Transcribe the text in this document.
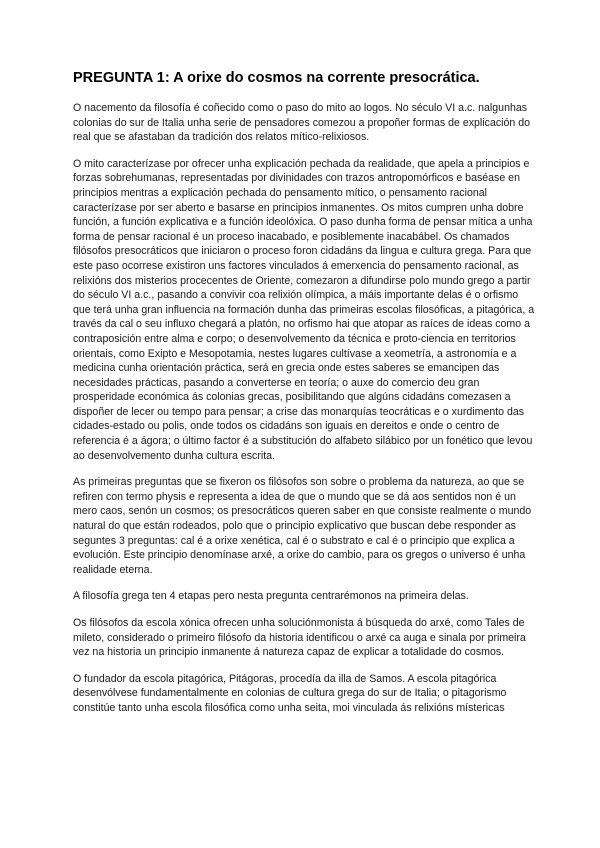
PREGUNTA 1: A orixe do cosmos na corrente presocrática.

O nacemento da filosofía é coñecido como o paso do mito ao logos. No século VI a.c. nalgunhas colonias do sur de Italia unha serie de pensadores comezou a propoñer formas de explicación do real que se afastaban da tradición dos relatos mítico-relixiosos.

O mito caracterízase por ofrecer unha explicación pechada da realidade, que apela a principios e forzas sobrehumanas, representadas por divinidades con trazos antropomórficos e baséase en principios mentras a explicación pechada do pensamento mítico, o pensamento racional caracterízase por ser aberto e basarse en principios inmanentes. Os mitos cumpren unha dobre función, a función explicativa e a función ideolóxica. O paso dunha forma de pensar mítica a unha forma de pensar racional é un proceso inacabado, e posiblemente inacabábel. Os chamados filósofos presocráticos que iniciaron o proceso foron cidadáns da lingua e cultura grega. Para que este paso ocorrese existiron uns factores vinculados á emerxencia do pensamento racional, as relixións dos misterios procecentes de Oriente, comezaron a difundirse polo mundo grego a partir do século VI a.c., pasando a convivir coa relixión olímpica, a máis importante delas é o orfismo que terá unha gran influencia na formación dunha das primeiras escolas filosóficas, a pitagórica, a través da cal o seu influxo chegará a platón, no orfismo hai que atopar as raíces de ideas como a contraposición entre alma e corpo; o desenvolvemento da técnica e proto-ciencia en territorios orientais, como Exipto e Mesopotamia, nestes lugares cultívase a xeometría, a astronomía e a medicina cunha orientación práctica, será en grecia onde estes saberes se emancipen das necesidades prácticas, pasando a converterse en teoría; o auxe do comercio deu gran prosperidade económica ás colonias grecas, posibilitando que algúns cidadáns comezasen a dispoñer de lecer ou tempo para pensar; a crise das monarquías teocráticas e o xurdimento das cidades-estado ou polis, onde todos os cidadáns son iguais en dereitos e onde o centro de referencia é a ágora; o último factor é a substitución do alfabeto silábico por un fonético que levou ao desenvolvemento dunha cultura escrita.

As primeiras preguntas que se fixeron os filósofos son sobre o problema da natureza, ao que se refiren con termo physis e representa a idea de que o mundo que se dá aos sentidos non é un mero caos, senón un cosmos; os presocráticos queren saber en que consiste realmente o mundo natural do que están rodeados, polo que o principio explicativo que buscan debe responder as seguntes 3 preguntas: cal é a orixe xenética, cal é o substrato e cal é o principio que explica a evolución. Este principio denomínase arxé, a orixe do cambio, para os gregos o universo é unha realidade eterna.

A filosofía grega ten 4 etapas pero nesta pregunta centrarémonos na primeira delas.

Os filósofos da escola xónica ofrecen unha soluciónmonista á búsqueda do arxé, como Tales de mileto, considerado o primeiro filósofo da historia identificou o arxé ca auga e sinala por primeira vez na historia un principio inmanente á natureza capaz de explicar a totalidade do cosmos.

O fundador da escola pitagórica, Pitágoras, procedía da illa de Samos. A escola pitagórica desenvólvese fundamentalmente en colonias de cultura grega do sur de Italia; o pitagorismo constitúe tanto unha escola filosófica como unha seita, moi vinculada ás relixións místericas
